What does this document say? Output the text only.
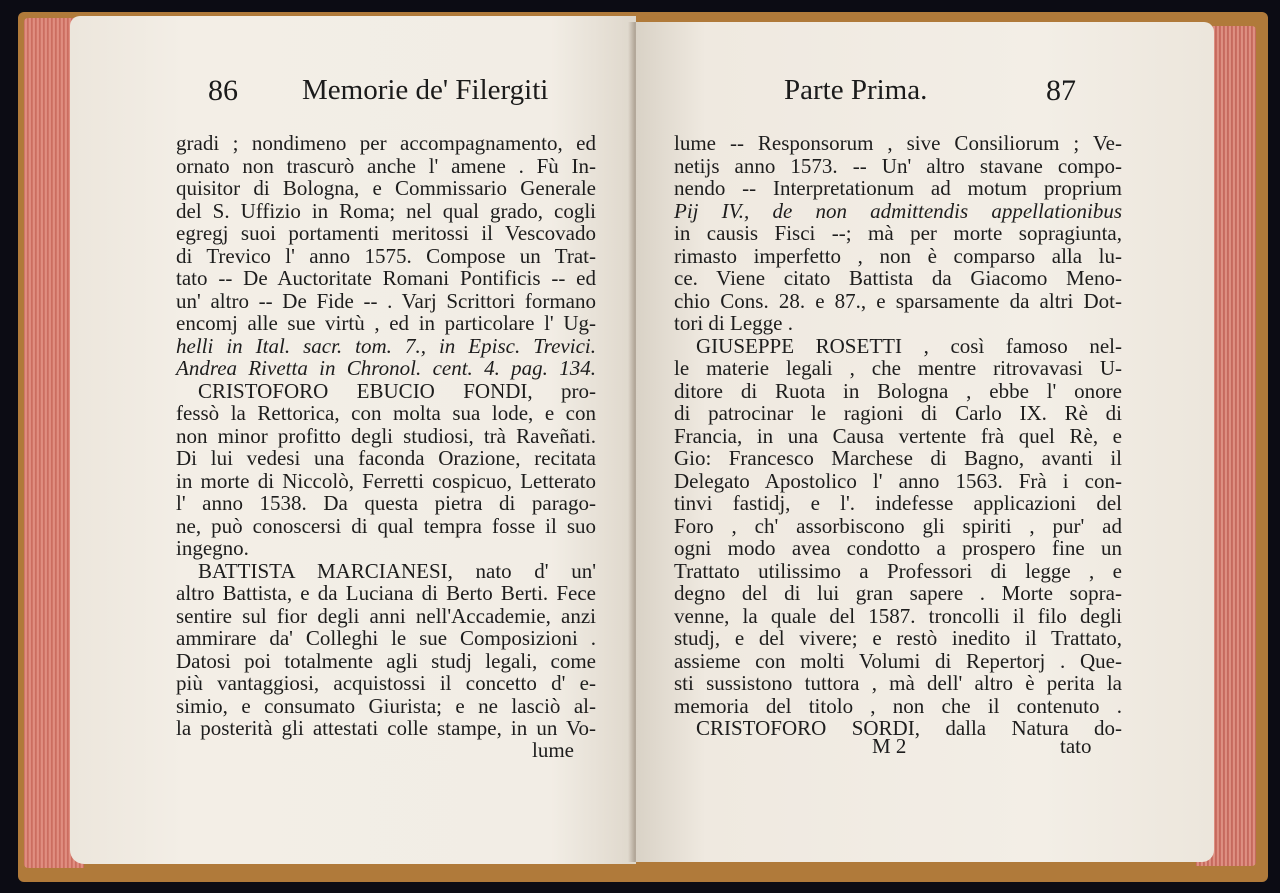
86 Memorie de' Filergiti
gradi ; nondimeno per accompagnamento, ed
ornato non trascurò anche l' amene . Fù In-
quisitor di Bologna, e Commissario Generale
del S. Uffizio in Roma; nel qual grado, cogli
egregj suoi portamenti meritossi il Vescovado
di Trevico l' anno 1575. Compose un Trat-
tato -- De Auctoritate Romani Pontificis -- ed
un' altro -- De Fide -- . Varj Scrittori formano
encomj alle sue virtù , ed in particolare l' Ug-
helli in Ital. sacr. tom. 7., in Episc. Trevici.
Andrea Rivetta in Chronol. cent. 4. pag. 134.
CRISTOFORO EBUCIO FONDI, pro-
fessò la Rettorica, con molta sua lode, e con
non minor profitto degli studiosi, trà Raveñati.
Di lui vedesi una faconda Orazione, recitata
in morte di Niccolò, Ferretti cospicuo, Letterato
l' anno 1538. Da questa pietra di parago-
ne, può conoscersi di qual tempra fosse il suo
ingegno.
BATTISTA MARCIANESI, nato d' un'
altro Battista, e da Luciana di Berto Berti. Fece
sentire sul fior degli anni nell'Accademie, anzi
ammirare da' Colleghi le sue Composizioni .
Datosi poi totalmente agli studj legali, come
più vantaggiosi, acquistossi il concetto d' e-
simio, e consumato Giurista; e ne lasciò al-
la posterità gli attestati colle stampe, in un Vo-
lume
Parte Prima.	87
lume -- Responsorum , sive Consiliorum ; Ve-
netijs anno 1573. -- Un' altro stavane compo-
nendo -- Interpretationum ad motum proprium
Pij IV., de non admittendis appellationibus
in causis Fisci --; mà per morte sopragiunta,
rimasto imperfetto , non è comparso alla lu-
ce. Viene citato Battista da Giacomo Meno-
chio Cons. 28. e 87., e sparsamente da altri Dot-
tori di Legge .
GIUSEPPE ROSETTI , così famoso nel-
le materie legali , che mentre ritrovavasi U-
ditore di Ruota in Bologna , ebbe l' onore
di patrocinar le ragioni di Carlo IX. Rè di
Francia, in una Causa vertente frà quel Rè, e
Gio: Francesco Marchese di Bagno, avanti il
Delegato Apostolico l' anno 1563. Frà i con-
tinvi fastidj, e l'. indefesse applicazioni del
Foro , ch' assorbiscono gli spiriti , pur' ad
ogni modo avea condotto a prospero fine un
Trattato utilissimo a Professori di legge , e
degno del di lui gran sapere . Morte sopra-
venne, la quale del 1587. troncolli il filo degli
studj, e del vivere; e restò inedito il Trattato,
assieme con molti Volumi di Repertorj . Que-
sti sussistono tuttora , mà dell' altro è perita la
memoria del titolo , non che il contenuto .
CRISTOFORO SORDI, dalla Natura do-
M 2	tato
